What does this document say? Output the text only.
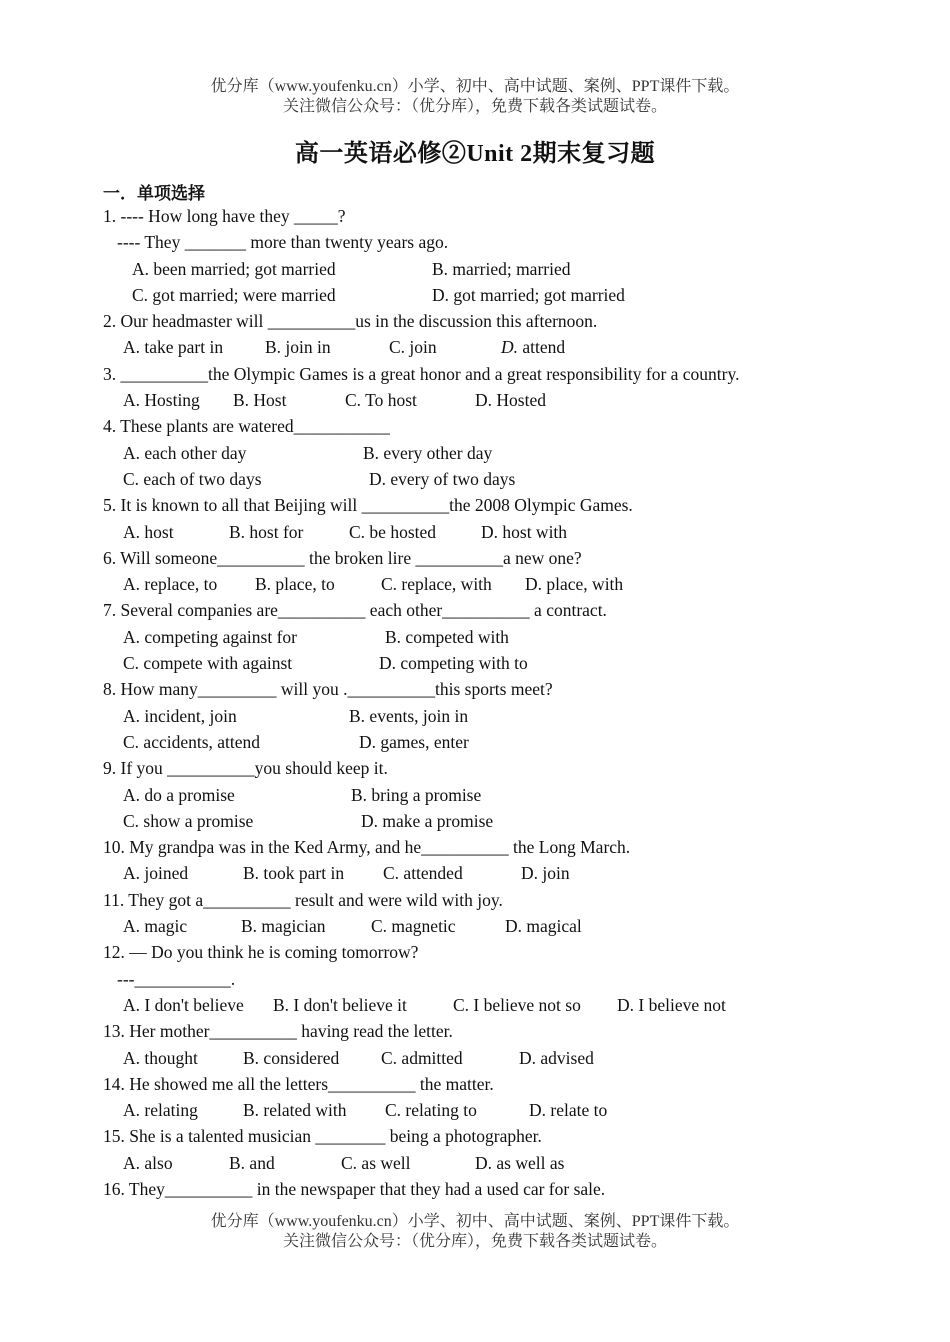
优分库（www.youfenku.cn）小学、初中、高中试题、案例、PPT课件下载。
关注微信公众号：（优分库），免费下载各类试题试卷。
高一英语必修②Unit 2期末复习题
一．单项选择
1. ---- How long have they _____?
---- They _______ more than twenty years ago.
A. been married; got married	B. married; married
C. got married; were married	D. got married; got married
2. Our headmaster will __________us in the discussion this afternoon.
A. take part in B. join in	C. join	D. attend
3. __________the Olympic Games is a great honor and a great responsibility for a country.
A. Hosting B. Host	C. To host	D. Hosted
4. These plants are watered___________
A. each other day	B. every other day
C. each of two days	D. every of two days
5. It is known to all that Beijing will __________the 2008 Olympic Games.
A. host	B. host for	C. be hosted	D. host with
6. Will someone__________ the broken lire __________a new one?
A. replace, to B. place, to	C. replace, with D. place, with
7. Several companies are__________ each other__________ a contract.
A. competing against for	B. competed with
C. compete with against	D. competing with to
8. How many_________ will you .__________this sports meet?
A. incident, join	B. events, join in
C. accidents, attend	D. games, enter
9. If you __________you should keep it.
A. do a promise	B. bring a promise
C. show a promise	D. make a promise
10. My grandpa was in the Ked Army, and he__________ the Long March.
A. joined	B. took part in C. attended	D. join
11. They got a__________ result and were wild with joy.
A. magic	B. magician	C. magnetic	D. magical
12. — Do you think he is coming tomorrow?
---___________.
A. I don't believe B. I don't believe it	C. I believe not so D. I believe not
13. Her mother__________ having read the letter.
A. thought	B. considered C. admitted	D. advised
14. He showed me all the letters__________ the matter.
A. relating	B. related with C. relating to	D. relate to
15. She is a talented musician ________ being a photographer.
A. also	B. and	C. as well	D. as well as
16. They__________ in the newspaper that they had a used car for sale.
优分库（www.youfenku.cn）小学、初中、高中试题、案例、PPT课件下载。
关注微信公众号：（优分库），免费下载各类试题试卷。
